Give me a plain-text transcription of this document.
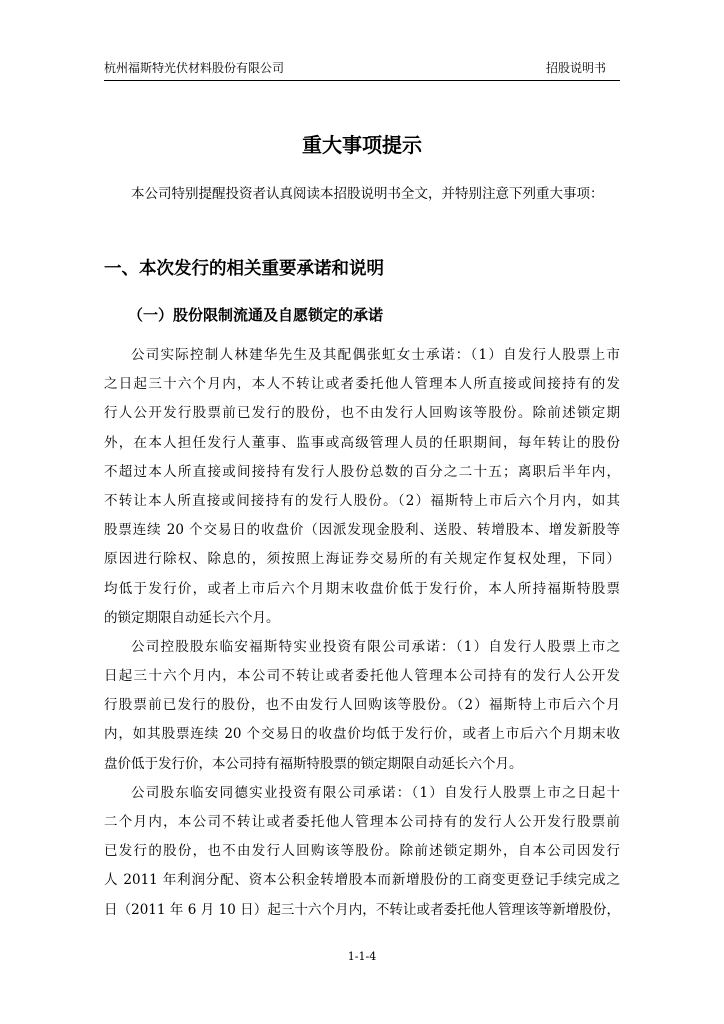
杭州福斯特光伏材料股份有限公司	招股说明书
重大事项提示
本公司特别提醒投资者认真阅读本招股说明书全文，并特别注意下列重大事项：
一、本次发行的相关重要承诺和说明
（一）股份限制流通及自愿锁定的承诺
公司实际控制人林建华先生及其配偶张虹女士承诺：（1）自发行人股票上市
之日起三十六个月内，本人不转让或者委托他人管理本人所直接或间接持有的发
行人公开发行股票前已发行的股份，也不由发行人回购该等股份。除前述锁定期
外，在本人担任发行人董事、监事或高级管理人员的任职期间，每年转让的股份
不超过本人所直接或间接持有发行人股份总数的百分之二十五；离职后半年内，
不转让本人所直接或间接持有的发行人股份。（2）福斯特上市后六个月内，如其
股票连续 20 个交易日的收盘价（因派发现金股利、送股、转增股本、增发新股等
原因进行除权、除息的，须按照上海证券交易所的有关规定作复权处理，下同）
均低于发行价，或者上市后六个月期末收盘价低于发行价，本人所持福斯特股票
的锁定期限自动延长六个月。
公司控股股东临安福斯特实业投资有限公司承诺：（1）自发行人股票上市之
日起三十六个月内，本公司不转让或者委托他人管理本公司持有的发行人公开发
行股票前已发行的股份，也不由发行人回购该等股份。（2）福斯特上市后六个月
内，如其股票连续 20 个交易日的收盘价均低于发行价，或者上市后六个月期末收
盘价低于发行价，本公司持有福斯特股票的锁定期限自动延长六个月。
公司股东临安同德实业投资有限公司承诺：（1）自发行人股票上市之日起十
二个月内，本公司不转让或者委托他人管理本公司持有的发行人公开发行股票前
已发行的股份，也不由发行人回购该等股份。除前述锁定期外，自本公司因发行
人 2011 年利润分配、资本公积金转增股本而新增股份的工商变更登记手续完成之
日（2011 年 6 月 10 日）起三十六个月内，不转让或者委托他人管理该等新增股份，
1-1-4
